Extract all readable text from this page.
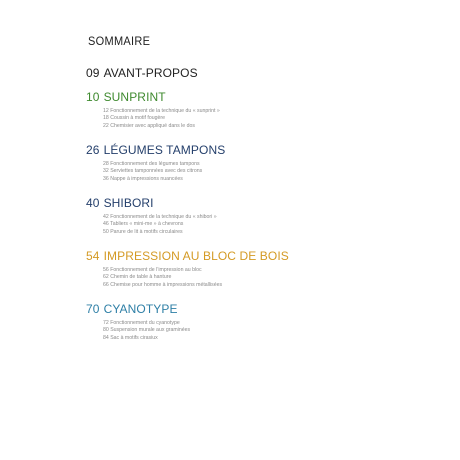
SOMMAIRE
09 AVANT-PROPOS
10 SUNPRINT
12 Fonctionnement de la technique du « sunprint »
18 Coussin à motif fougère
22 Chemisier avec appliqué dans le dos
26 LÉGUMES TAMPONS
28 Fonctionnement des légumes tampons
32 Serviettes tamponnées avec des citrons
36 Nappe à impressions nuancées
40 SHIBORI
42 Fonctionnement de la technique du « shibori »
46 Tabliers « mini-me » à chevrons
50 Parure de lit à motifs circulaires
54 IMPRESSION AU BLOC DE BOIS
56 Fonctionnement de l’impression au bloc
62 Chemin de table à hanture
66 Chemise pour homme à impressions métallisées
70 CYANOTYPE
72 Fonctionnement du cyanotype
80 Suspension murale aux graminées
84 Sac à motifs cirasiux
